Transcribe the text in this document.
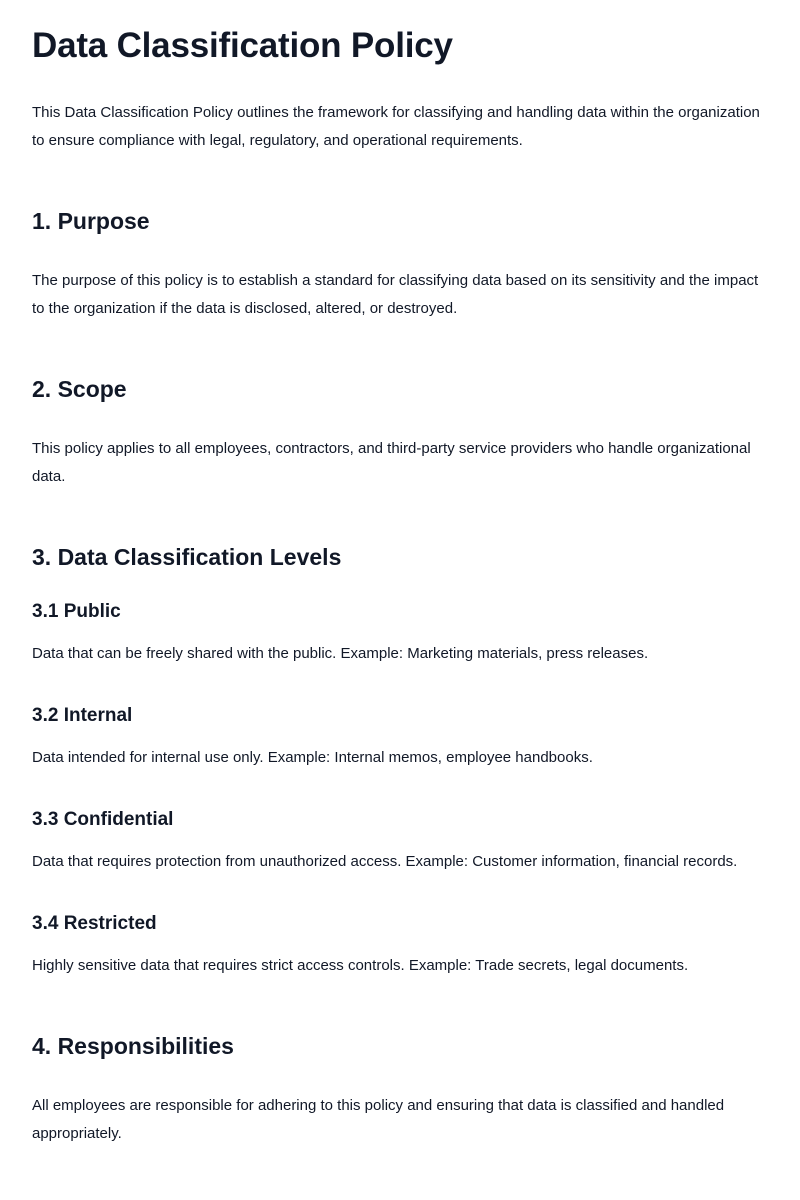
Data Classification Policy

This Data Classification Policy outlines the framework for classifying and handling data within the organization to ensure compliance with legal, regulatory, and operational requirements.

1. Purpose

The purpose of this policy is to establish a standard for classifying data based on its sensitivity and the impact to the organization if the data is disclosed, altered, or destroyed.

2. Scope

This policy applies to all employees, contractors, and third-party service providers who handle organizational data.

3. Data Classification Levels
3.1 Public

Data that can be freely shared with the public. Example: Marketing materials, press releases.

3.2 Internal

Data intended for internal use only. Example: Internal memos, employee handbooks.

3.3 Confidential

Data that requires protection from unauthorized access. Example: Customer information, financial records.

3.4 Restricted

Highly sensitive data that requires strict access controls. Example: Trade secrets, legal documents.

4. Responsibilities

All employees are responsible for adhering to this policy and ensuring that data is classified and handled appropriately.
